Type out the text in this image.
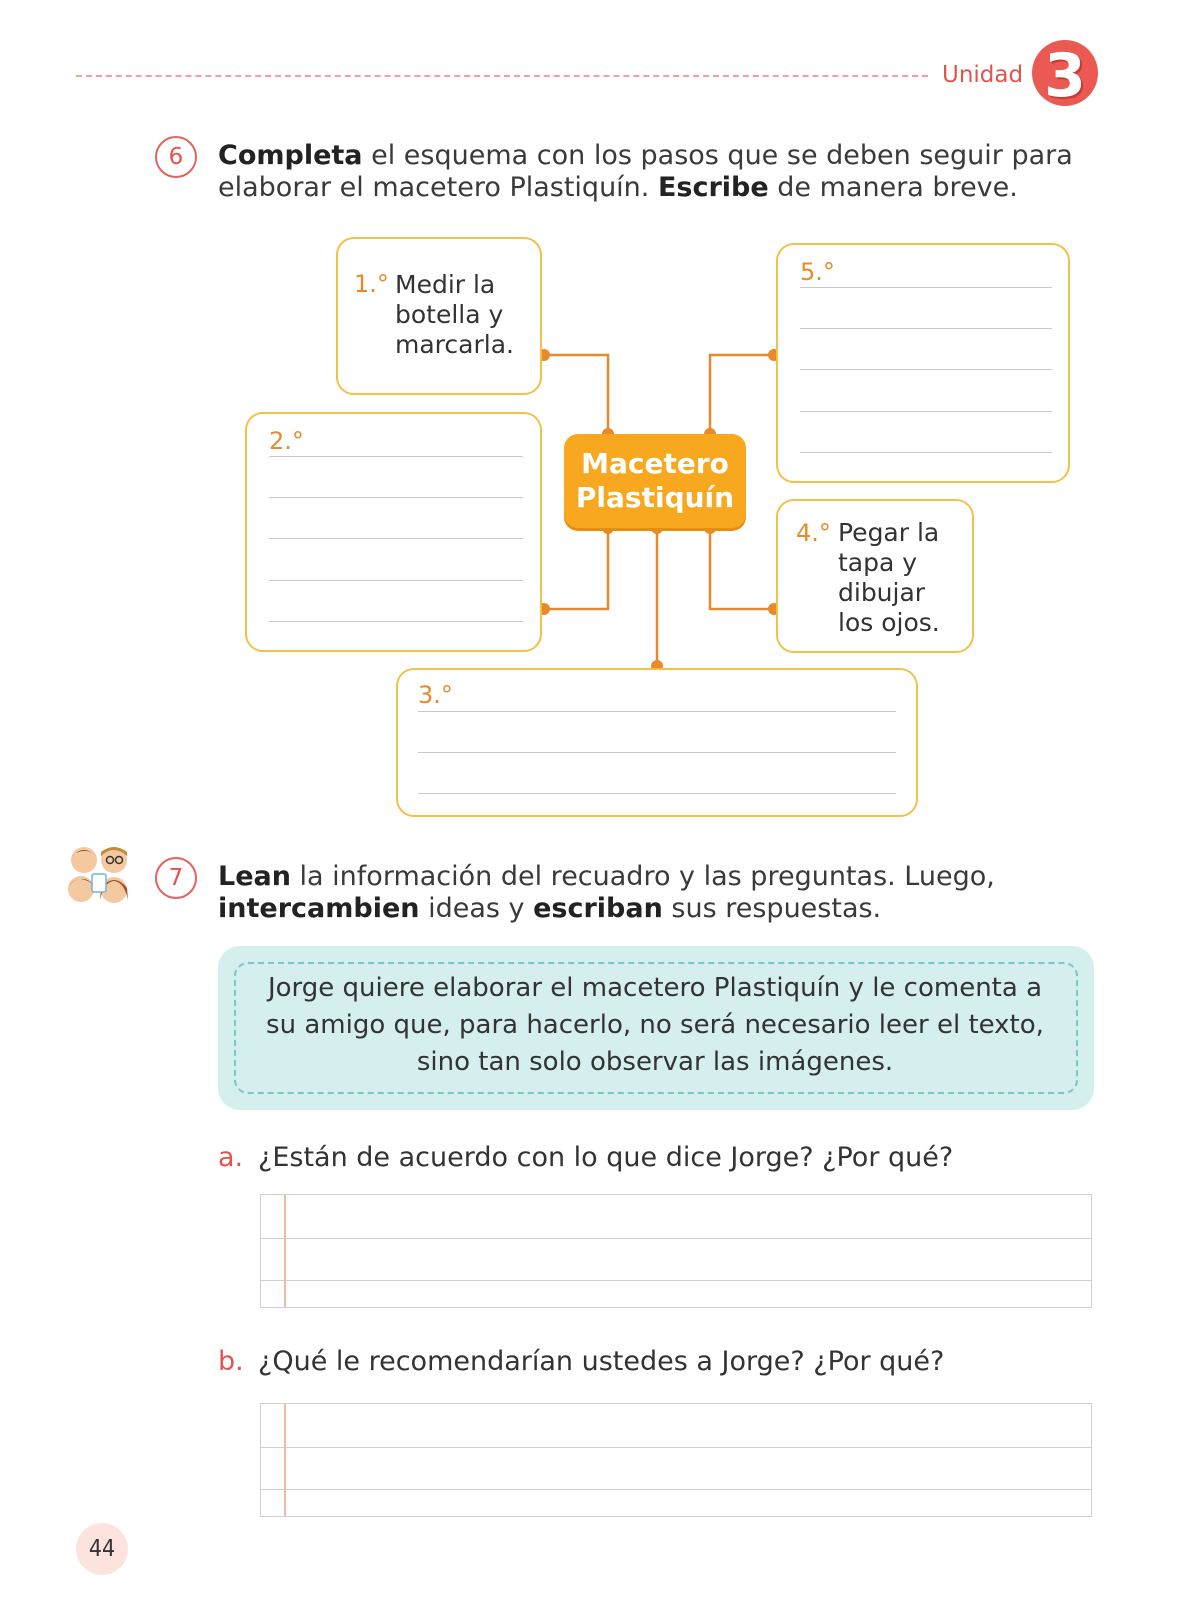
Unidad 3
6	Completa el esquema con los pasos que se deben seguir para elaborar el macetero Plastiquín. Escribe de manera breve.
1.° Medir la
botella y
marcarla.
5.°
2.°
Macetero
Plastiquín
4.° Pegar la
tapa y
dibujar
los ojos.
3.°
7	Lean la información del recuadro y las preguntas. Luego,
intercambien ideas y escriban sus respuestas.
Jorge quiere elaborar el macetero Plastiquín y le comenta a
su amigo que, para hacerlo, no será necesario leer el texto,
sino tan solo observar las imágenes.
a. ¿Están de acuerdo con lo que dice Jorge? ¿Por qué?
b. ¿Qué le recomendarían ustedes a Jorge? ¿Por qué?
44
